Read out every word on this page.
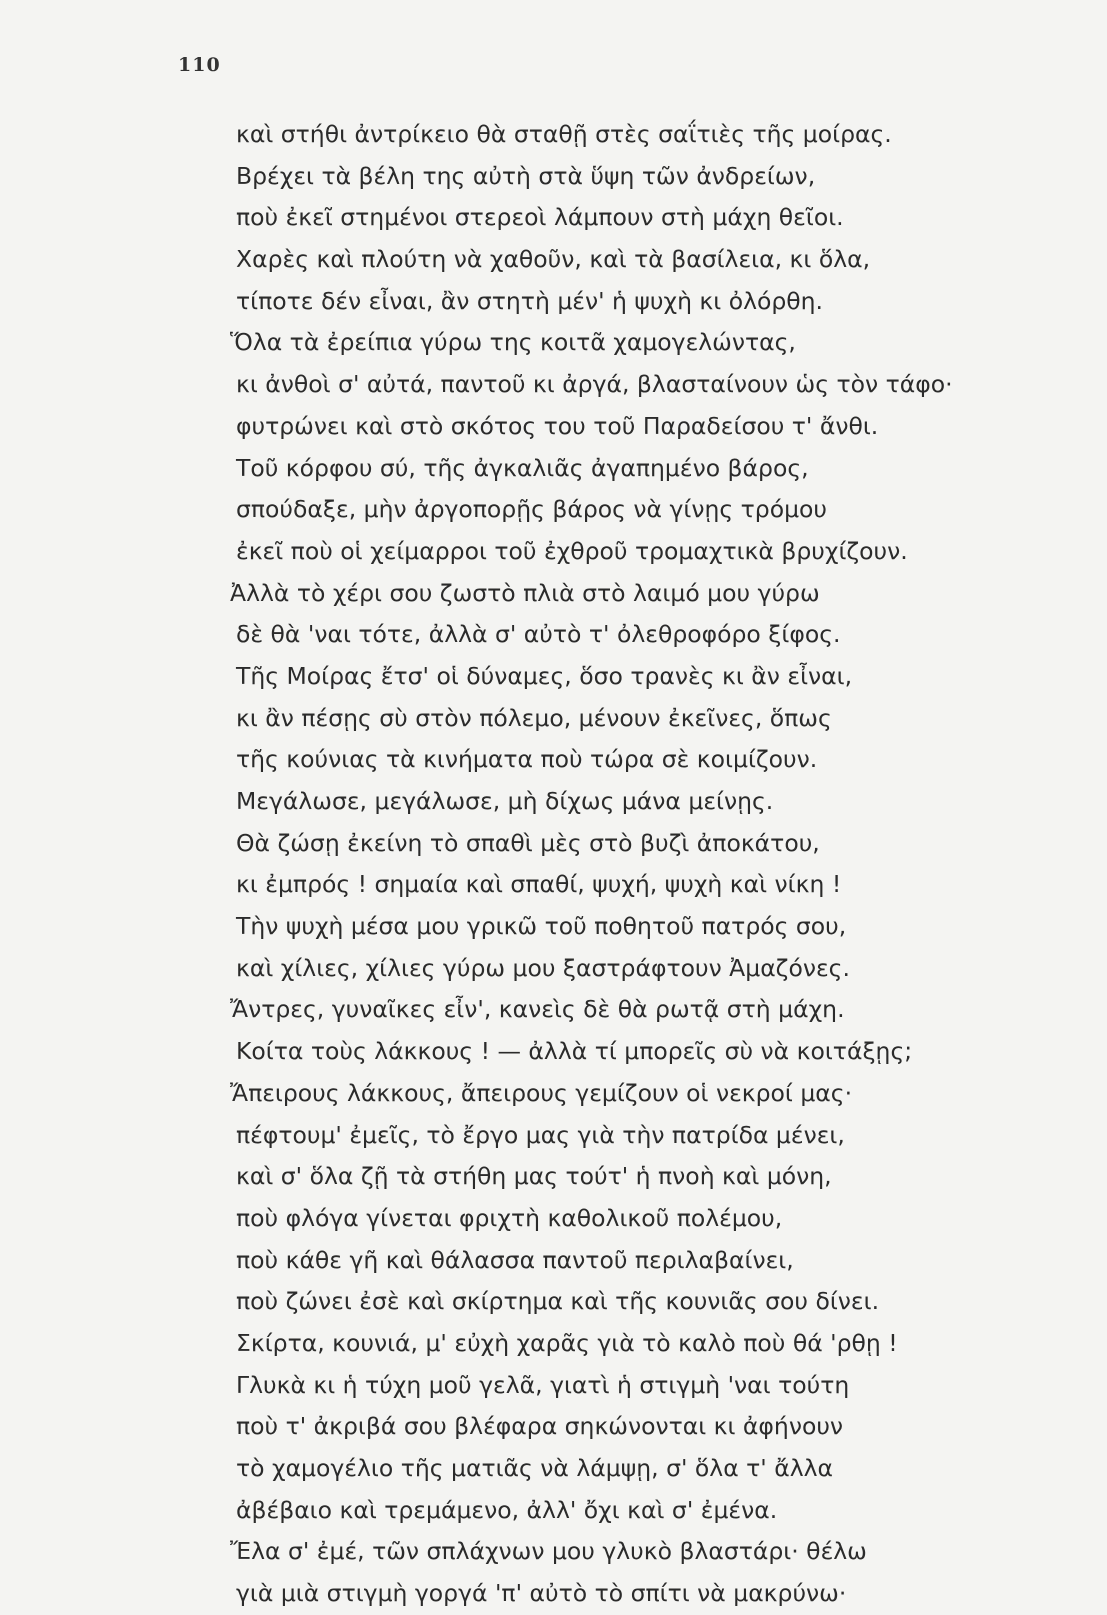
110
καὶ στήθι ἀντρίκειο θὰ σταθῇ στὲς σαΐτιὲς τῆς μοίρας.
Βρέχει τὰ βέλη της αὐτὴ στὰ ὕψη τῶν ἀνδρείων,
ποὺ ἐκεῖ στημένοι στερεοὶ λάμπουν στὴ μάχη θεῖοι.
Χαρὲς καὶ πλούτη νὰ χαθοῦν, καὶ τὰ βασίλεια, κι ὅλα,
τίποτε δέν εἶναι, ἂν στητὴ μέν' ἡ ψυχὴ κι ὀλόρθη.
Ὅλα τὰ ἐρείπια γύρω της κοιτᾶ χαμογελώντας,
κι ἀνθοὶ σ' αὐτά, παντοῦ κι ἀργά, βλασταίνουν ὡς τὸν τάφο·
φυτρώνει καὶ στὸ σκότος του τοῦ Παραδείσου τ' ἄνθι.
Τοῦ κόρφου σύ, τῆς ἀγκαλιᾶς ἀγαπημένο βάρος,
σπούδαξε, μὴν ἀργοπορῇς βάρος νὰ γίνῃς τρόμου
ἐκεῖ ποὺ οἱ χείμαρροι τοῦ ἐχθροῦ τρομαχτικὰ βρυχίζουν.
Ἀλλὰ τὸ χέρι σου ζωστὸ πλιὰ στὸ λαιμό μου γύρω
δὲ θὰ 'ναι τότε, ἀλλὰ σ' αὐτὸ τ' ὀλεθροφόρο ξίφος.
Τῆς Μοίρας ἔτσ' οἱ δύναμες, ὅσο τρανὲς κι ἂν εἶναι,
κι ἂν πέσῃς σὺ στὸν πόλεμο, μένουν ἐκεῖνες, ὅπως
τῆς κούνιας τὰ κινήματα ποὺ τώρα σὲ κοιμίζουν.
Μεγάλωσε, μεγάλωσε, μὴ δίχως μάνα μείνῃς.
Θὰ ζώσῃ ἐκείνη τὸ σπαθὶ μὲς στὸ βυζὶ ἀποκάτου,
κι ἐμπρός ! σημαία καὶ σπαθί, ψυχή, ψυχὴ καὶ νίκη !
Τὴν ψυχὴ μέσα μου γρικῶ τοῦ ποθητοῦ πατρός σου,
καὶ χίλιες, χίλιες γύρω μου ξαστράφτουν Ἀμαζόνες.
Ἄντρες, γυναῖκες εἶν', κανεὶς δὲ θὰ ρωτᾷ στὴ μάχη.
Κοίτα τοὺς λάκκους ! — ἀλλὰ τί μπορεῖς σὺ νὰ κοιτάξῃς;
Ἄπειρους λάκκους, ἄπειρους γεμίζουν οἱ νεκροί μας·
πέφτουμ' ἐμεῖς, τὸ ἔργο μας γιὰ τὴν πατρίδα μένει,
καὶ σ' ὅλα ζῇ τὰ στήθη μας τούτ' ἡ πνοὴ καὶ μόνη,
ποὺ φλόγα γίνεται φριχτὴ καθολικοῦ πολέμου,
ποὺ κάθε γῆ καὶ θάλασσα παντοῦ περιλαβαίνει,
ποὺ ζώνει ἐσὲ καὶ σκίρτημα καὶ τῆς κουνιᾶς σου δίνει.
Σκίρτα, κουνιά, μ' εὐχὴ χαρᾶς γιὰ τὸ καλὸ ποὺ θά 'ρθῃ !
Γλυκὰ κι ἡ τύχη μοῦ γελᾶ, γιατὶ ἡ στιγμὴ 'ναι τούτη
ποὺ τ' ἀκριβά σου βλέφαρα σηκώνονται κι ἀφήνουν
τὸ χαμογέλιο τῆς ματιᾶς νὰ λάμψῃ, σ' ὅλα τ' ἄλλα
ἀβέβαιο καὶ τρεμάμενο, ἀλλ' ὄχι καὶ σ' ἐμένα.
Ἔλα σ' ἐμέ, τῶν σπλάχνων μου γλυκὸ βλαστάρι· θέλω
γιὰ μιὰ στιγμὴ γοργά 'π' αὐτὸ τὸ σπίτι νὰ μακρύνω·
